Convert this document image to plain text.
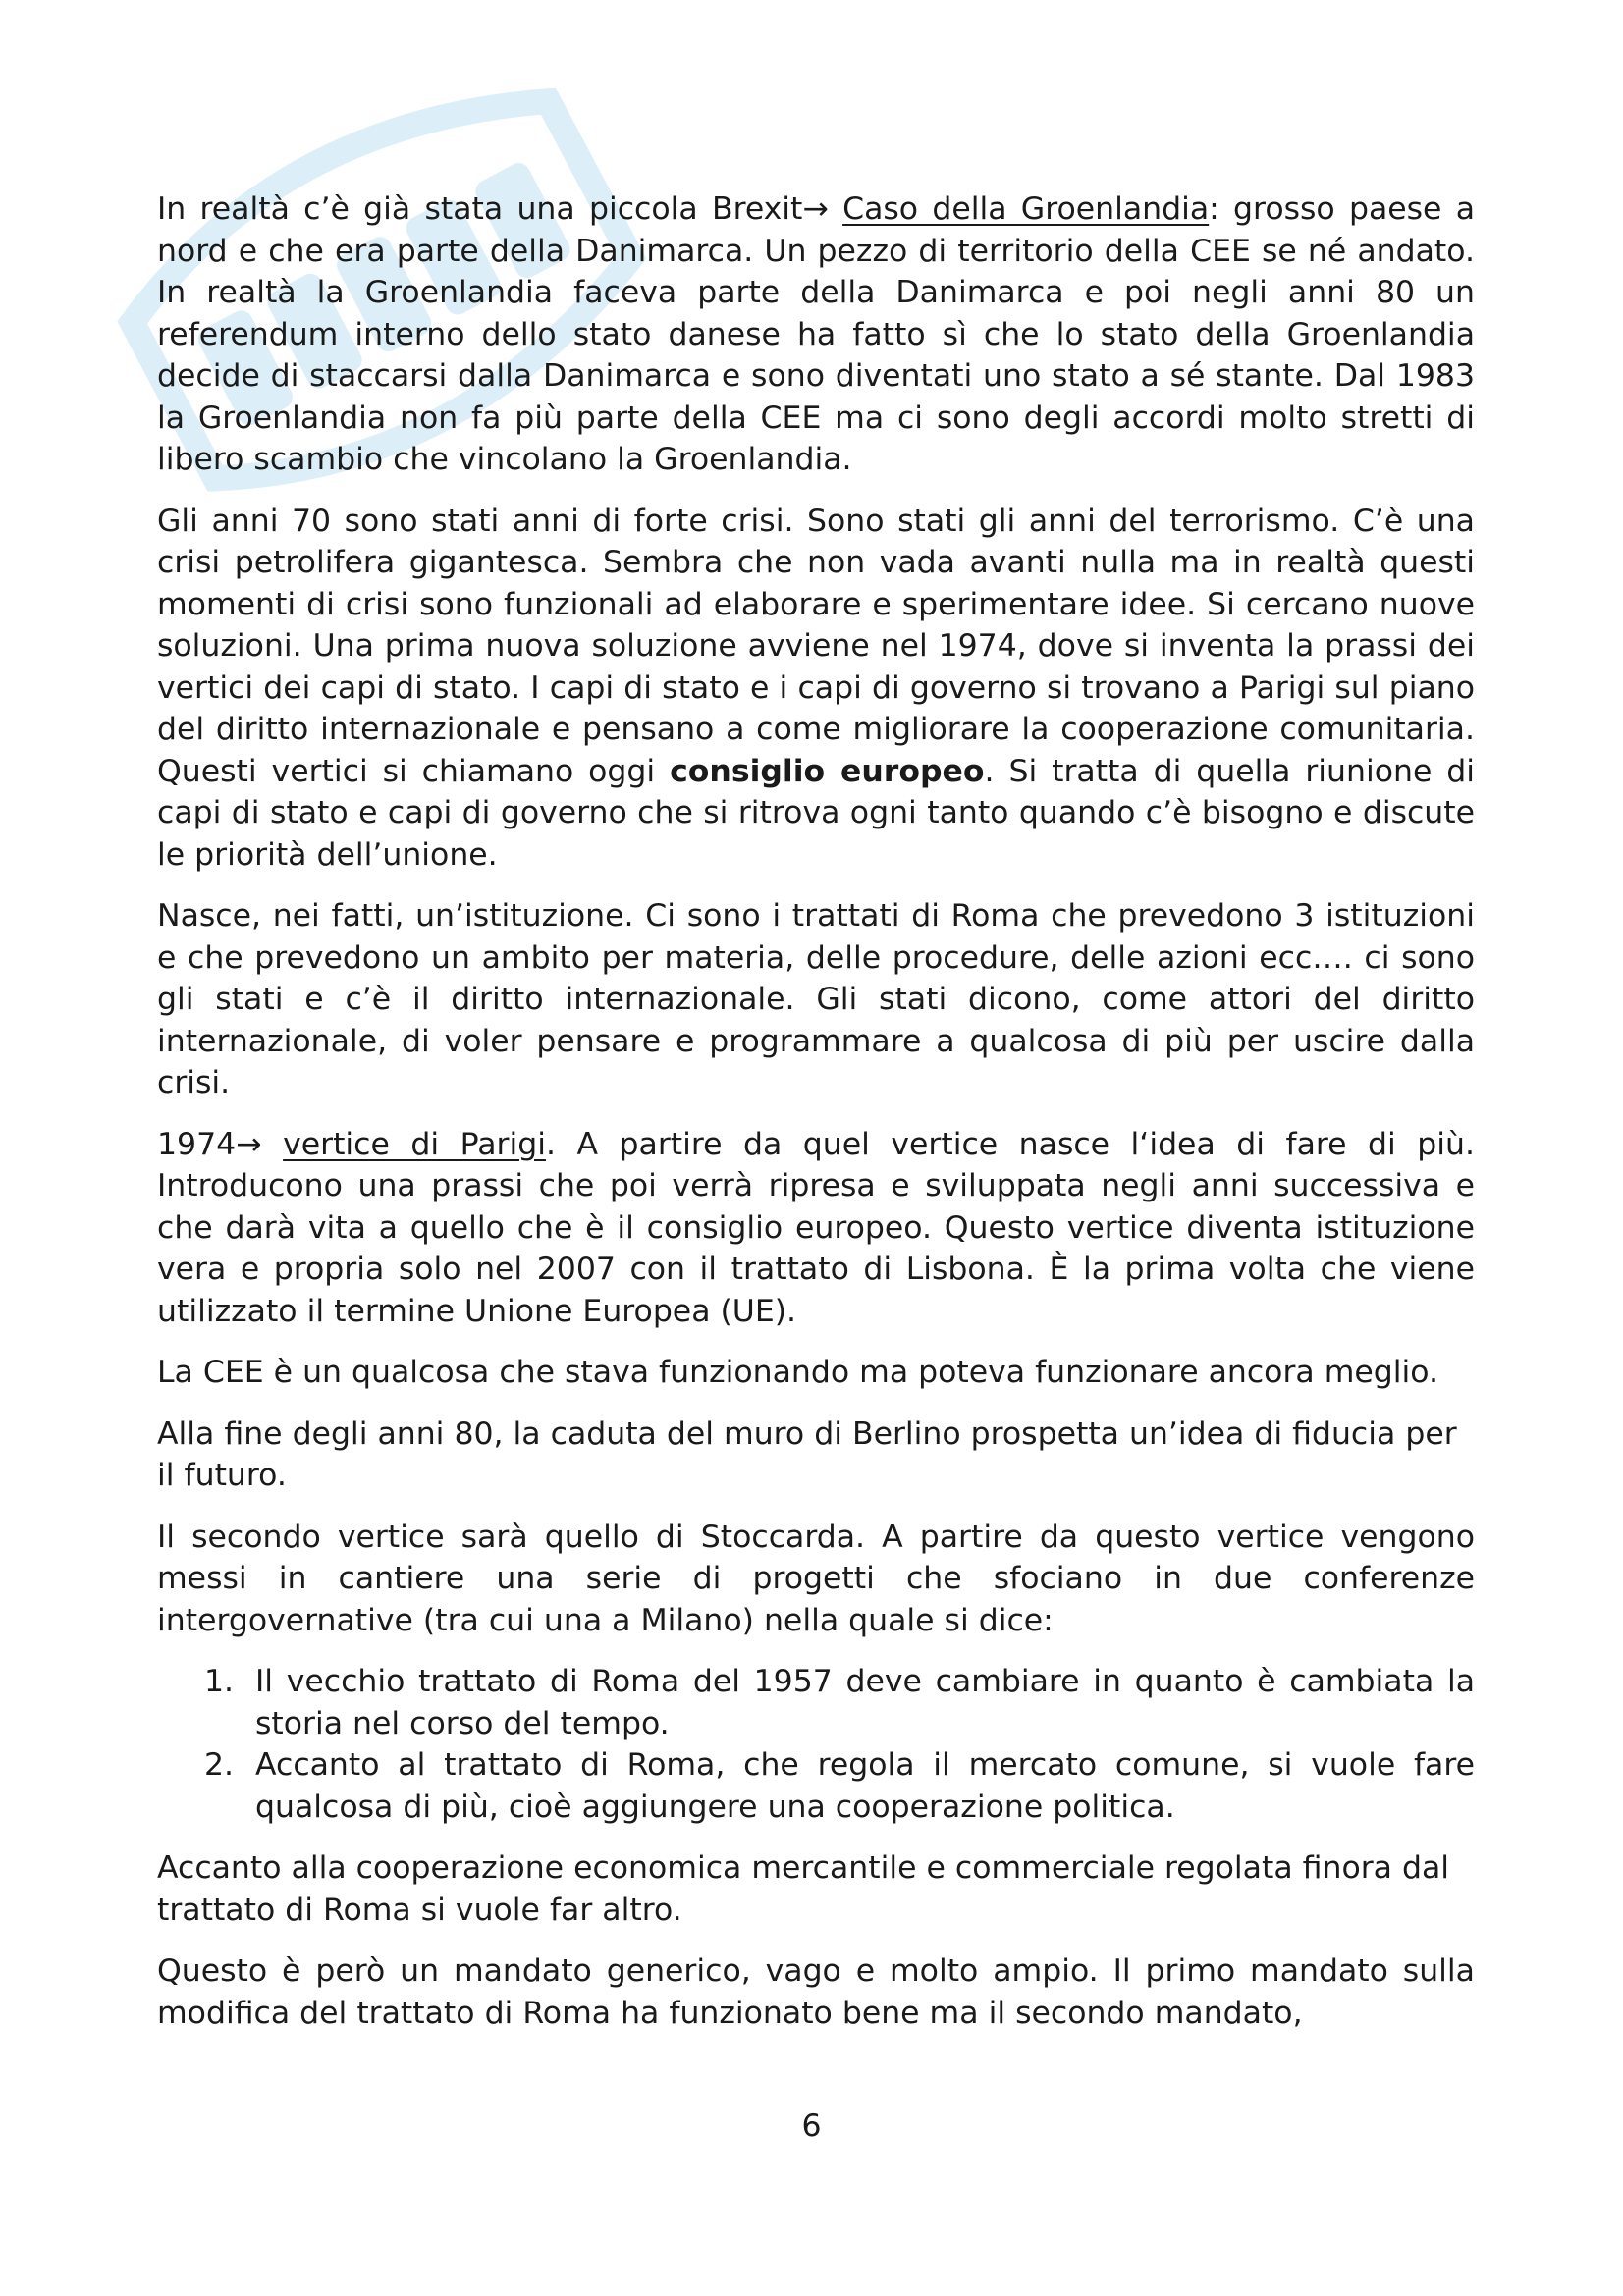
In realtà c’è già stata una piccola Brexit→ Caso della Groenlandia: grosso paese a nord e che era parte della Danimarca. Un pezzo di territorio della CEE se né andato. In realtà la Groenlandia faceva parte della Danimarca e poi negli anni 80 un referendum interno dello stato danese ha fatto sì che lo stato della Groenlandia decide di staccarsi dalla Danimarca e sono diventati uno stato a sé stante. Dal 1983 la Groenlandia non fa più parte della CEE ma ci sono degli accordi molto stretti di libero scambio che vincolano la Groenlandia.

Gli anni 70 sono stati anni di forte crisi. Sono stati gli anni del terrorismo. C’è una crisi petrolifera gigantesca. Sembra che non vada avanti nulla ma in realtà questi momenti di crisi sono funzionali ad elaborare e sperimentare idee. Si cercano nuove soluzioni. Una prima nuova soluzione avviene nel 1974, dove si inventa la prassi dei vertici dei capi di stato. I capi di stato e i capi di governo si trovano a Parigi sul piano del diritto internazionale e pensano a come migliorare la cooperazione comunitaria. Questi vertici si chiamano oggi consiglio europeo. Si tratta di quella riunione di capi di stato e capi di governo che si ritrova ogni tanto quando c’è bisogno e discute le priorità dell’unione.

Nasce, nei fatti, un’istituzione. Ci sono i trattati di Roma che prevedono 3 istituzioni e che prevedono un ambito per materia, delle procedure, delle azioni ecc…. ci sono gli stati e c’è il diritto internazionale. Gli stati dicono, come attori del diritto internazionale, di voler pensare e programmare a qualcosa di più per uscire dalla crisi.

1974→ vertice di Parigi. A partire da quel vertice nasce l‘idea di fare di più. Introducono una prassi che poi verrà ripresa e sviluppata negli anni successiva e che darà vita a quello che è il consiglio europeo. Questo vertice diventa istituzione vera e propria solo nel 2007 con il trattato di Lisbona. È la prima volta che viene utilizzato il termine Unione Europea (UE).

La CEE è un qualcosa che stava funzionando ma poteva funzionare ancora meglio.

Alla fine degli anni 80, la caduta del muro di Berlino prospetta un’idea di fiducia per il futuro.

Il secondo vertice sarà quello di Stoccarda. A partire da questo vertice vengono messi in cantiere una serie di progetti che sfociano in due conferenze intergovernative (tra cui una a Milano) nella quale si dice:

1. Il vecchio trattato di Roma del 1957 deve cambiare in quanto è cambiata la storia nel corso del tempo.
2. Accanto al trattato di Roma, che regola il mercato comune, si vuole fare qualcosa di più, cioè aggiungere una cooperazione politica.

Accanto alla cooperazione economica mercantile e commerciale regolata finora dal trattato di Roma si vuole far altro.

Questo è però un mandato generico, vago e molto ampio. Il primo mandato sulla modifica del trattato di Roma ha funzionato bene ma il secondo mandato,

6
